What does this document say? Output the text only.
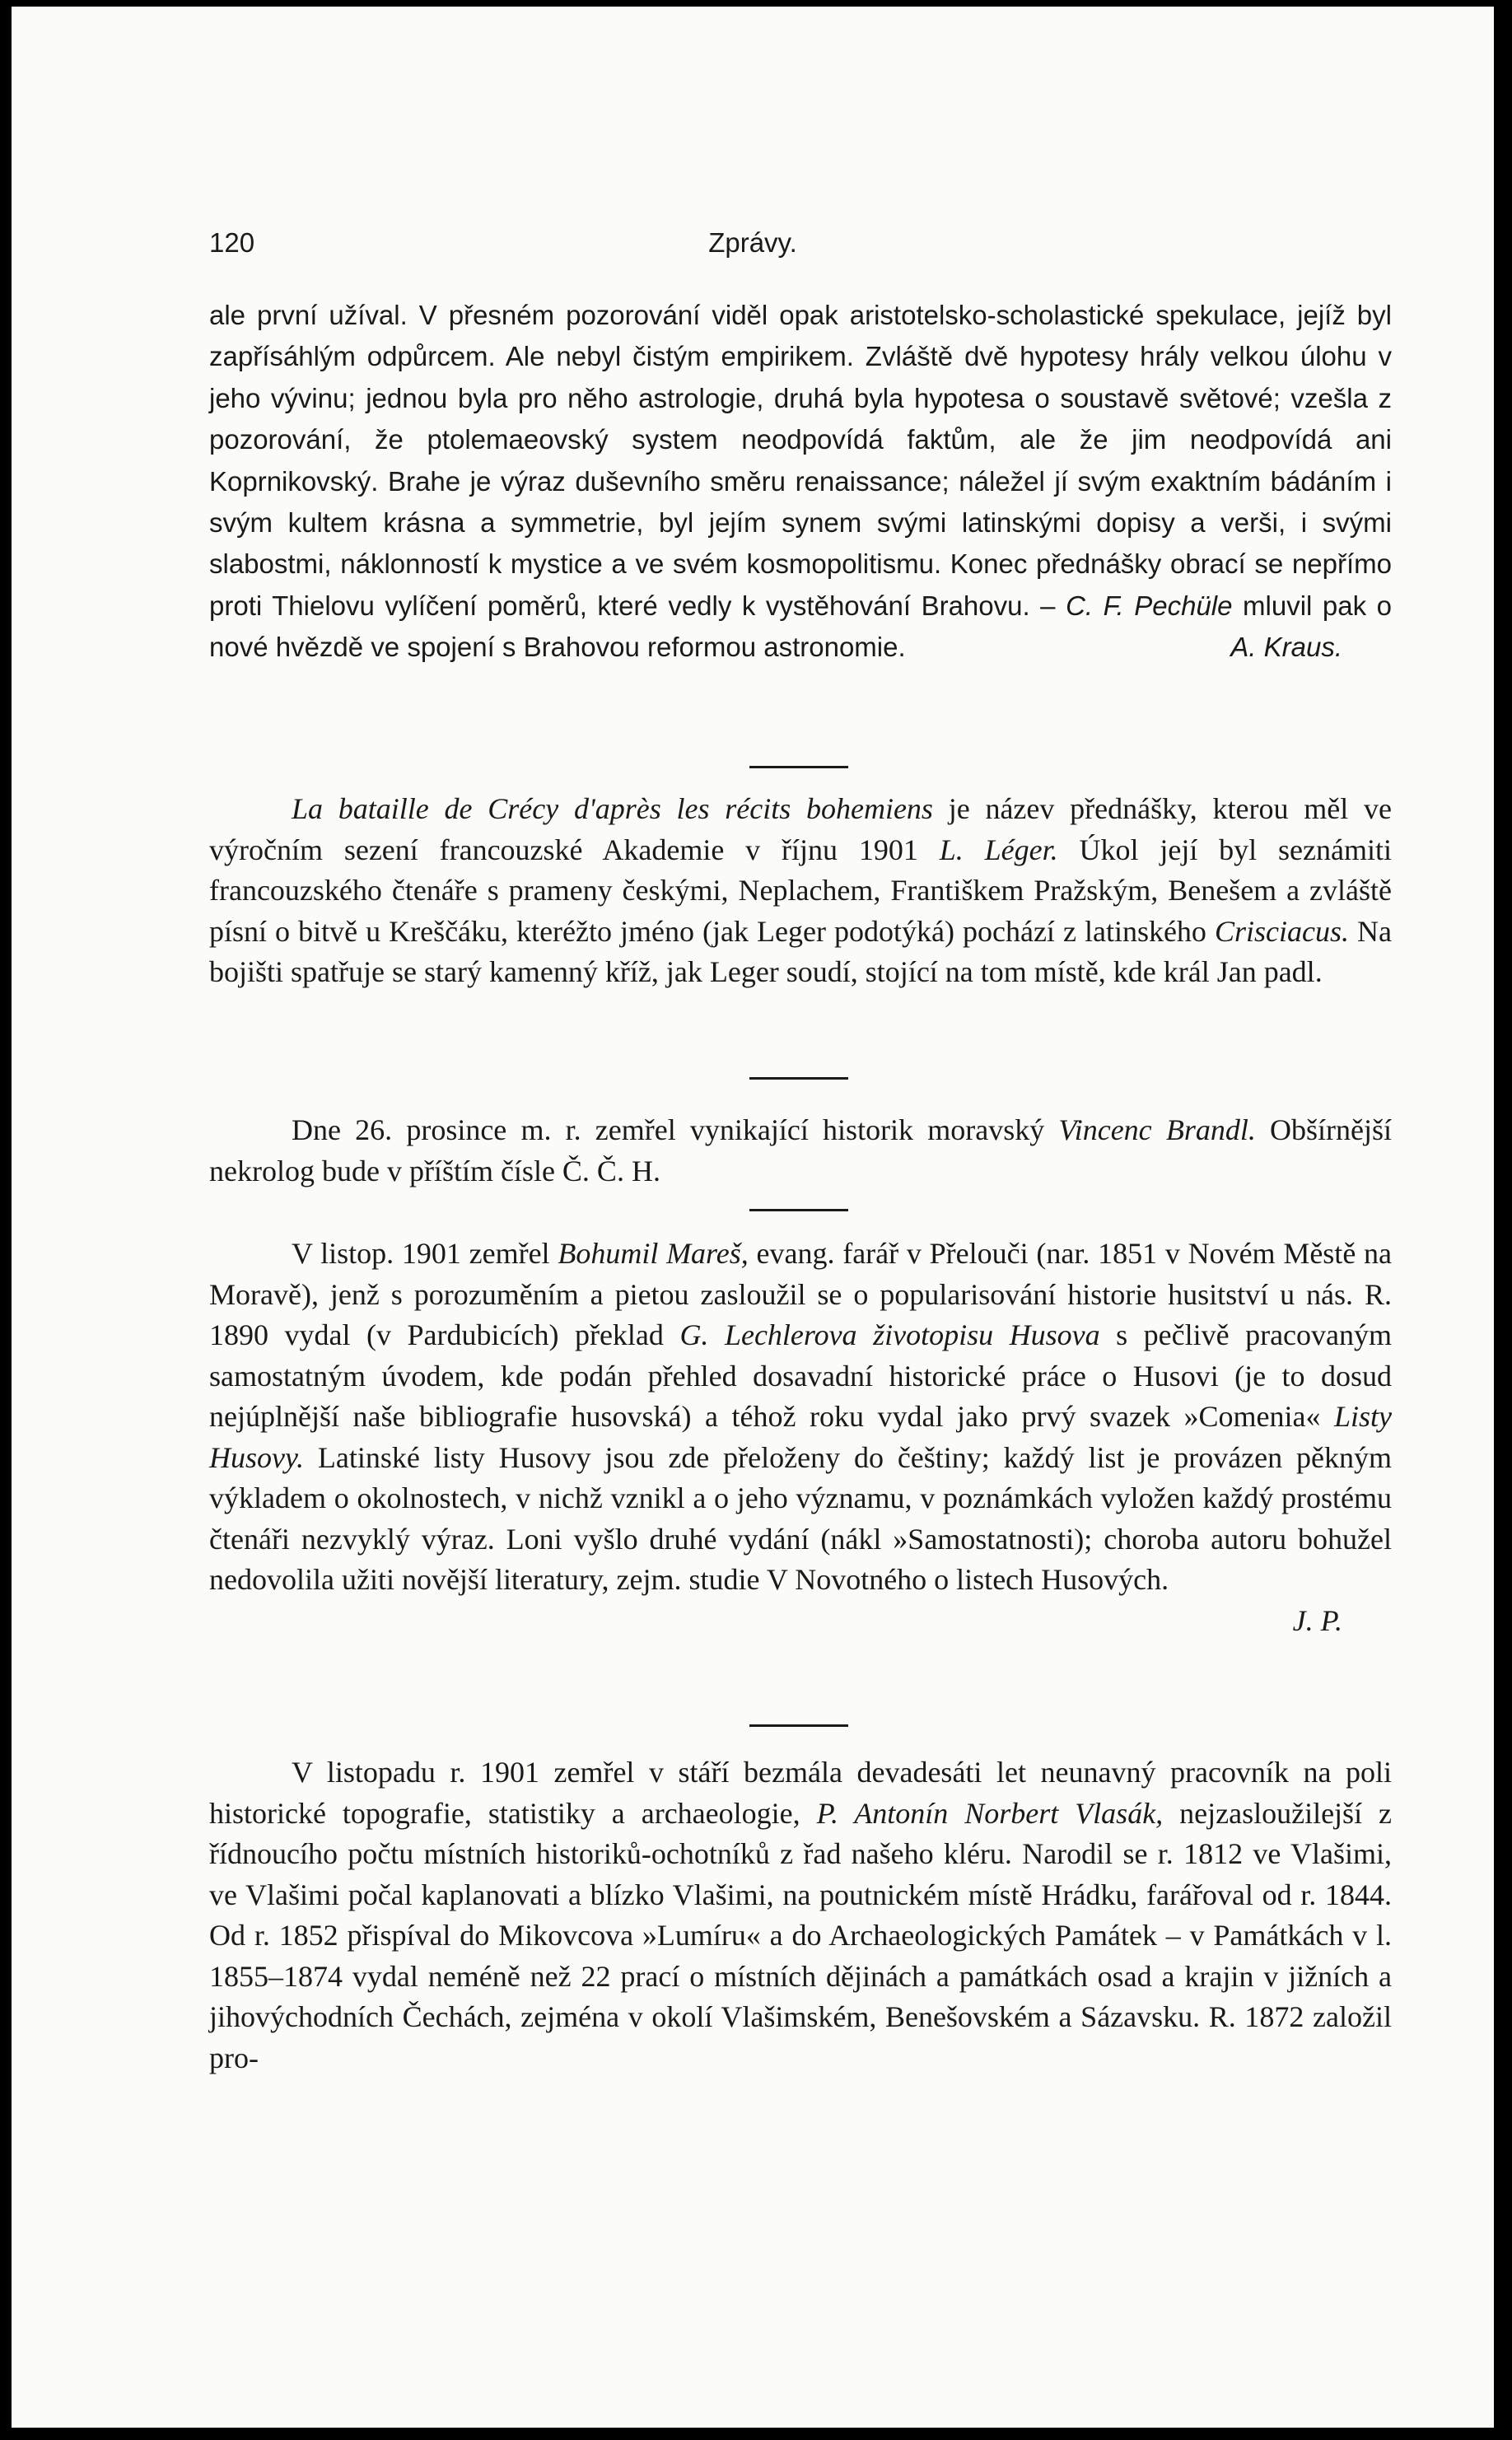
120	Zprávy.

ale první užíval. V přesném pozorování viděl opak aristotelsko-scholastické spekulace, jejíž byl zapřísáhlým odpůrcem. Ale nebyl čistým empirikem. Zvláště dvě hypotesy hrály velkou úlohu v jeho vývinu; jednou byla pro něho astrologie, druhá byla hypotesa o soustavě světové; vzešla z pozorování, že ptolemaeovský system neodpovídá faktům, ale že jim neodpovídá ani Koprnikovský. Brahe je výraz duševního směru renaissance; náležel jí svým exaktním bádáním i svým kultem krásna a symmetrie, byl jejím synem svými latinskými dopisy a verši, i svými slabostmi, náklonností k mystice a ve svém kosmopolitismu. Konec přednášky obrací se nepřímo proti Thielovu vylíčení poměrů, které vedly k vystěhování Brahovu. – C. F. Pechüle mluvil pak o nové hvězdě ve spojení s Brahovou reformou astronomie.	A. Kraus.

La bataille de Crécy d'après les récits bohemiens je název přednášky, kterou měl ve výročním sezení francouzské Akademie v říjnu 1901 L. Léger. Úkol její byl seznámiti francouzského čtenáře s prameny českými, Neplachem, Františkem Pražským, Benešem a zvláště písní o bitvě u Kreščáku, kteréžto jméno (jak Leger podotýká) pochází z latinského Crisciacus. Na bojišti spatřuje se starý kamenný kříž, jak Leger soudí, stojící na tom místě, kde král Jan padl.

Dne 26. prosince m. r. zemřel vynikající historik moravský Vincenc Brandl. Obšírnější nekrolog bude v příštím čísle Č. Č. H.

V listop. 1901 zemřel Bohumil Mareš, evang. farář v Přelouči (nar. 1851 v Novém Městě na Moravě), jenž s porozuměním a pietou zasloužil se o popularisování historie husitství u nás. R. 1890 vydal (v Pardubicích) překlad G. Lechlerova životopisu Husova s pečlivě pracovaným samostatným úvodem, kde podán přehled dosavadní historické práce o Husovi (je to dosud nejúplnější naše bibliografie husovská) a téhož roku vydal jako prvý svazek »Comenia« Listy Husovy. Latinské listy Husovy jsou zde přeloženy do češtiny; každý list je provázen pěkným výkladem o okolnostech, v nichž vznikl a o jeho významu, v poznámkách vyložen každý prostému čtenáři nezvyklý výraz. Loni vyšlo druhé vydání (nákl »Samostatnosti); choroba autoru bohužel nedovolila užiti novější literatury, zejm. studie V Novotného o listech Husových.

J. P.

V listopadu r. 1901 zemřel v stáří bezmála devadesáti let neunavný pracovník na poli historické topografie, statistiky a archaeologie, P. Antonín Norbert Vlasák, nejzasloužilejší z řídnoucího počtu místních historiků-ochotníků z řad našeho kléru. Narodil se r. 1812 ve Vlašimi, ve Vlašimi počal kaplanovati a blízko Vlašimi, na poutnickém místě Hrádku, farářoval od r. 1844. Od r. 1852 přispíval do Mikovcova »Lumíru« a do Archaeologických Památek – v Památkách v l. 1855–1874 vydal neméně než 22 prací o místních dějinách a památkách osad a krajin v jižních a jihovýchodních Čechách, zejména v okolí Vlašimském, Benešovském a Sázavsku. R. 1872 založil pro-
